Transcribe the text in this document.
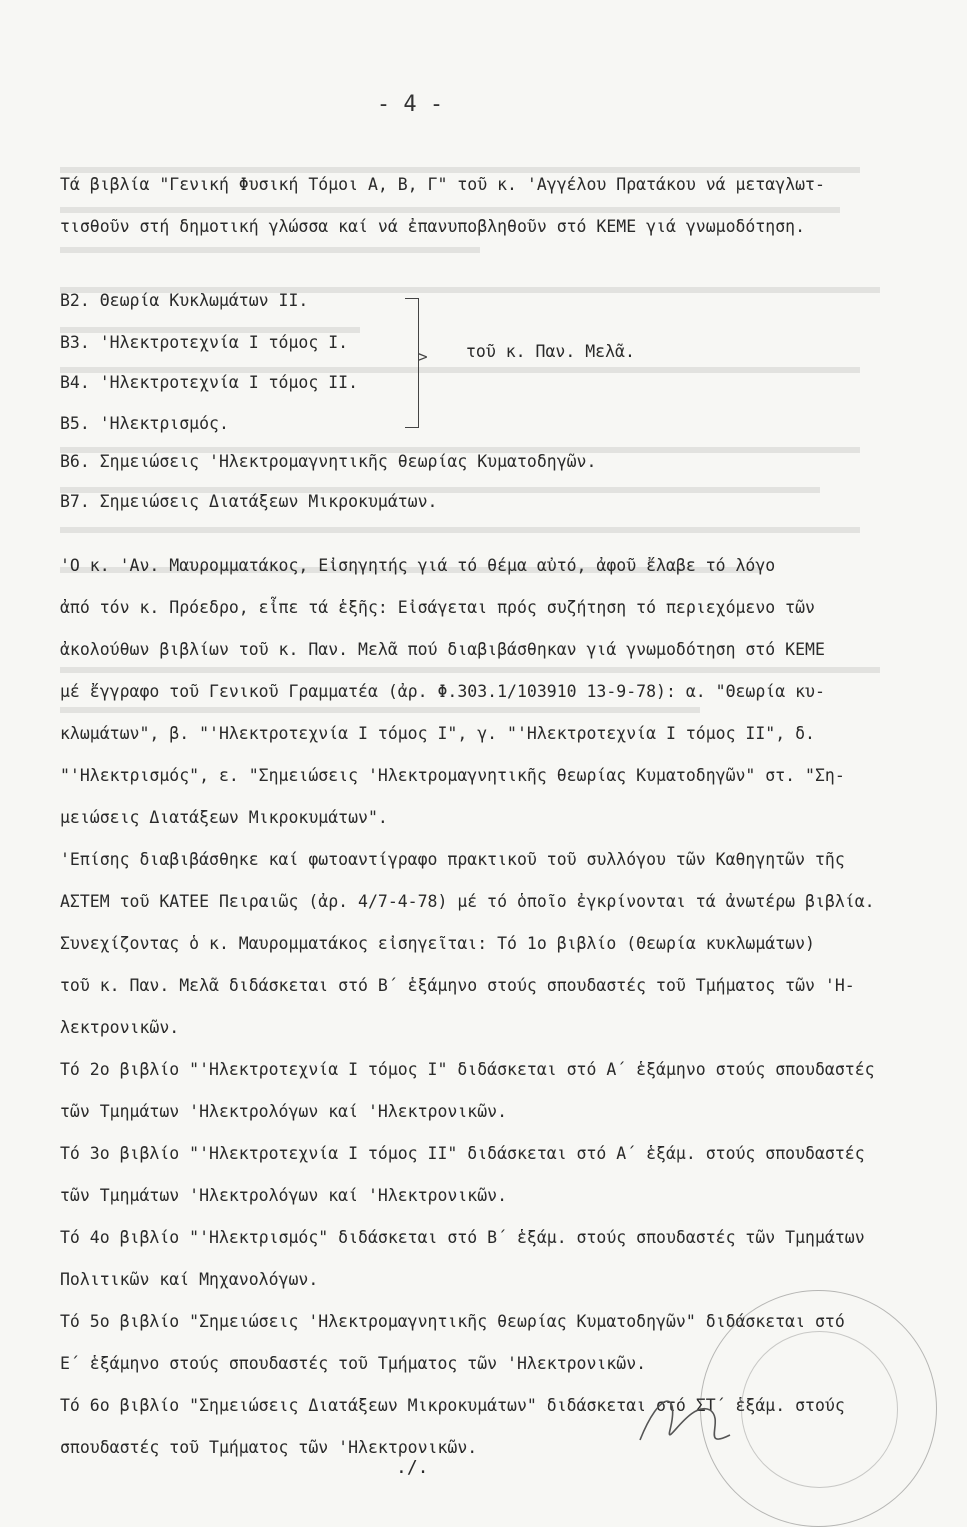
- 4 -
Τά βιβλία "Γενική Φυσική Τόμοι Α, Β, Γ" τοῦ κ. 'Αγγέλου Πρατάκου νά μεταγλωτ-
τισθοῦν στή δημοτική γλώσσα καί νά ἐπανυποβληθοῦν στό ΚΕΜΕ γιά γνωμοδότηση.
Β2. Θεωρία Κυκλωμάτων ΙΙ.
Β3. 'Ηλεκτροτεχνία Ι τόμος Ι.
Β4. 'Ηλεκτροτεχνία Ι τόμος ΙΙ.
Β5. 'Ηλεκτρισμός.
Β6. Σημειώσεις 'Ηλεκτρομαγνητικῆς θεωρίας Κυματοδηγῶν.
Β7. Σημειώσεις Διατάξεων Μικροκυμάτων.
> τοῦ κ. Παν. Μελᾶ.
'Ο κ. 'Αν. Μαυρομματάκος, Εἰσηγητής γιά τό θέμα αὐτό, ἀφοῦ ἔλαβε τό λόγο
ἀπό τόν κ. Πρόεδρο, εἶπε τά ἑξῆς: Εἰσάγεται πρός συζήτηση τό περιεχόμενο τῶν
ἀκολούθων βιβλίων τοῦ κ. Παν. Μελᾶ πού διαβιβάσθηκαν γιά γνωμοδότηση στό ΚΕΜΕ
μέ ἔγγραφο τοῦ Γενικοῦ Γραμματέα (ἀρ. Φ.303.1/103910 13-9-78): α. "Θεωρία κυ-
κλωμάτων", β. "'Ηλεκτροτεχνία Ι τόμος Ι", γ. "'Ηλεκτροτεχνία Ι τόμος ΙΙ", δ.
"'Ηλεκτρισμός", ε. "Σημειώσεις 'Ηλεκτρομαγνητικῆς θεωρίας Κυματοδηγῶν" στ. "Ση-
μειώσεις Διατάξεων Μικροκυμάτων".
'Επίσης διαβιβάσθηκε καί φωτοαντίγραφο πρακτικοῦ τοῦ συλλόγου τῶν Καθηγητῶν τῆς
ΑΣΤΕΜ τοῦ ΚΑΤΕΕ Πειραιῶς (ἀρ. 4/7-4-78) μέ τό ὁποῖο ἐγκρίνονται τά ἀνωτέρω βιβλία.
Συνεχίζοντας ὁ κ. Μαυρομματάκος εἰσηγεῖται: Τό 1ο βιβλίο (Θεωρία κυκλωμάτων)
τοῦ κ. Παν. Μελᾶ διδάσκεται στό Β΄ ἑξάμηνο στούς σπουδαστές τοῦ Τμήματος τῶν 'Η-
λεκτρονικῶν.
Τό 2ο βιβλίο "'Ηλεκτροτεχνία Ι τόμος Ι" διδάσκεται στό Α΄ ἑξάμηνο στούς σπουδαστές
τῶν Τμημάτων 'Ηλεκτρολόγων καί 'Ηλεκτρονικῶν.
Τό 3ο βιβλίο "'Ηλεκτροτεχνία Ι τόμος ΙΙ" διδάσκεται στό Α΄ ἑξάμ. στούς σπουδαστές
τῶν Τμημάτων 'Ηλεκτρολόγων καί 'Ηλεκτρονικῶν.
Τό 4ο βιβλίο "'Ηλεκτρισμός" διδάσκεται στό Β΄ ἑξάμ. στούς σπουδαστές τῶν Τμημάτων
Πολιτικῶν καί Μηχανολόγων.
Τό 5ο βιβλίο "Σημειώσεις 'Ηλεκτρομαγνητικῆς θεωρίας Κυματοδηγῶν" διδάσκεται στό
Ε΄ ἑξάμηνο στούς σπουδαστές τοῦ Τμήματος τῶν 'Ηλεκτρονικῶν.
Τό 6ο βιβλίο "Σημειώσεις Διατάξεων Μικροκυμάτων" διδάσκεται στό ΣΤ΄ ἑξάμ. στούς
σπουδαστές τοῦ Τμήματος τῶν 'Ηλεκτρονικῶν.
./.
